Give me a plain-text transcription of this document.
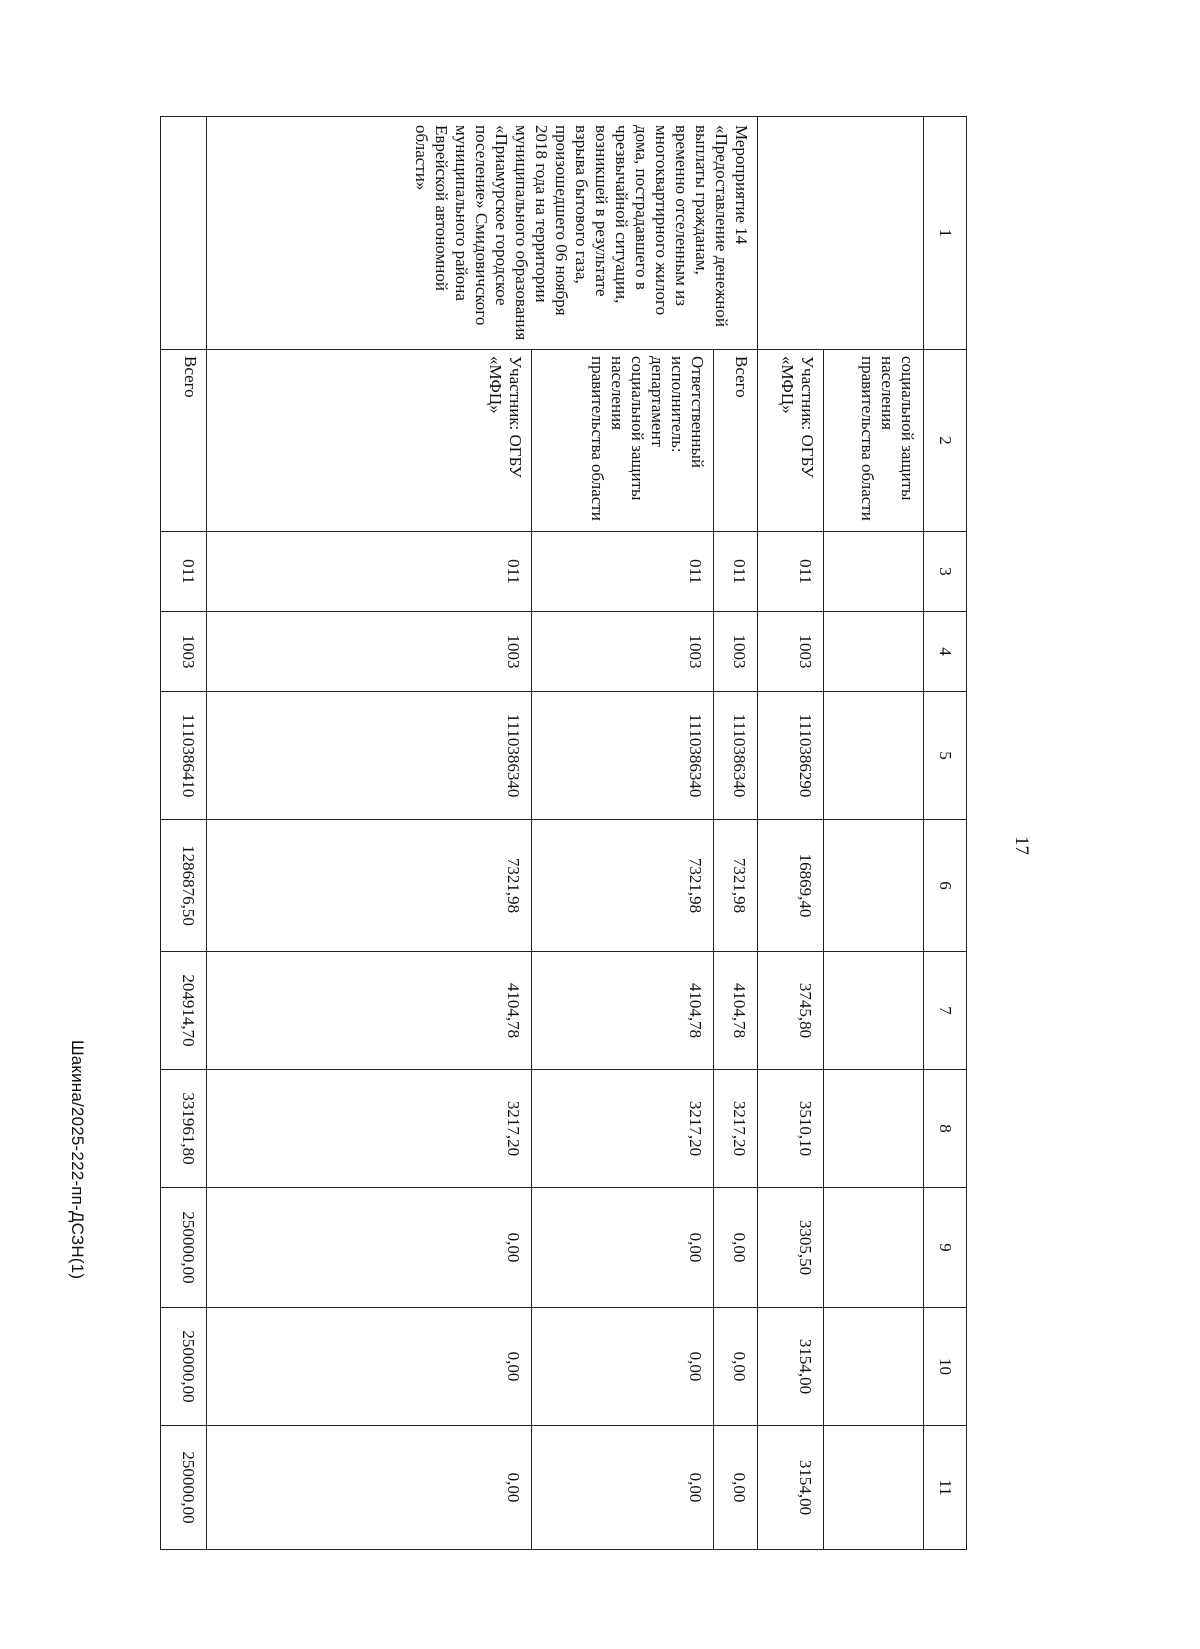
17
1	2	3	4	5	6	7	8	9	10	11
	социальной защиты населения правительства области									
	Участник: ОГБУ «МФЦ»	011	1003	1110386290	16869,40	3745,80	3510,10	3305,50	3154,00	3154,00
Мероприятие 14 «Предоставление денежной выплаты гражданам, временно отселенным из многоквартирного жилого дома, пострадавшего в чрезвычайной ситуации, возникшей в результате взрыва бытового газа, произошедшего 06 ноября 2018 года на территории муниципального образования «Приамурское городское поселение» Смидовичского муниципального района Еврейской автономной области»	Всего	011	1003	1110386340	7321,98	4104,78	3217,20	0,00	0,00	0,00
	Ответственный исполнитель: департамент социальной защиты населения правительства области	011	1003	1110386340	7321,98	4104,78	3217,20	0,00	0,00	0,00
	Участник: ОГБУ «МФЦ»	011	1003	1110386340	7321,98	4104,78	3217,20	0,00	0,00	0,00
	Всего	011	1003	1110386410	1286876,50	204914,70	331961,80	250000,00	250000,00	250000,00
Шакина/2025-222-пп-ДСЗН(1)
